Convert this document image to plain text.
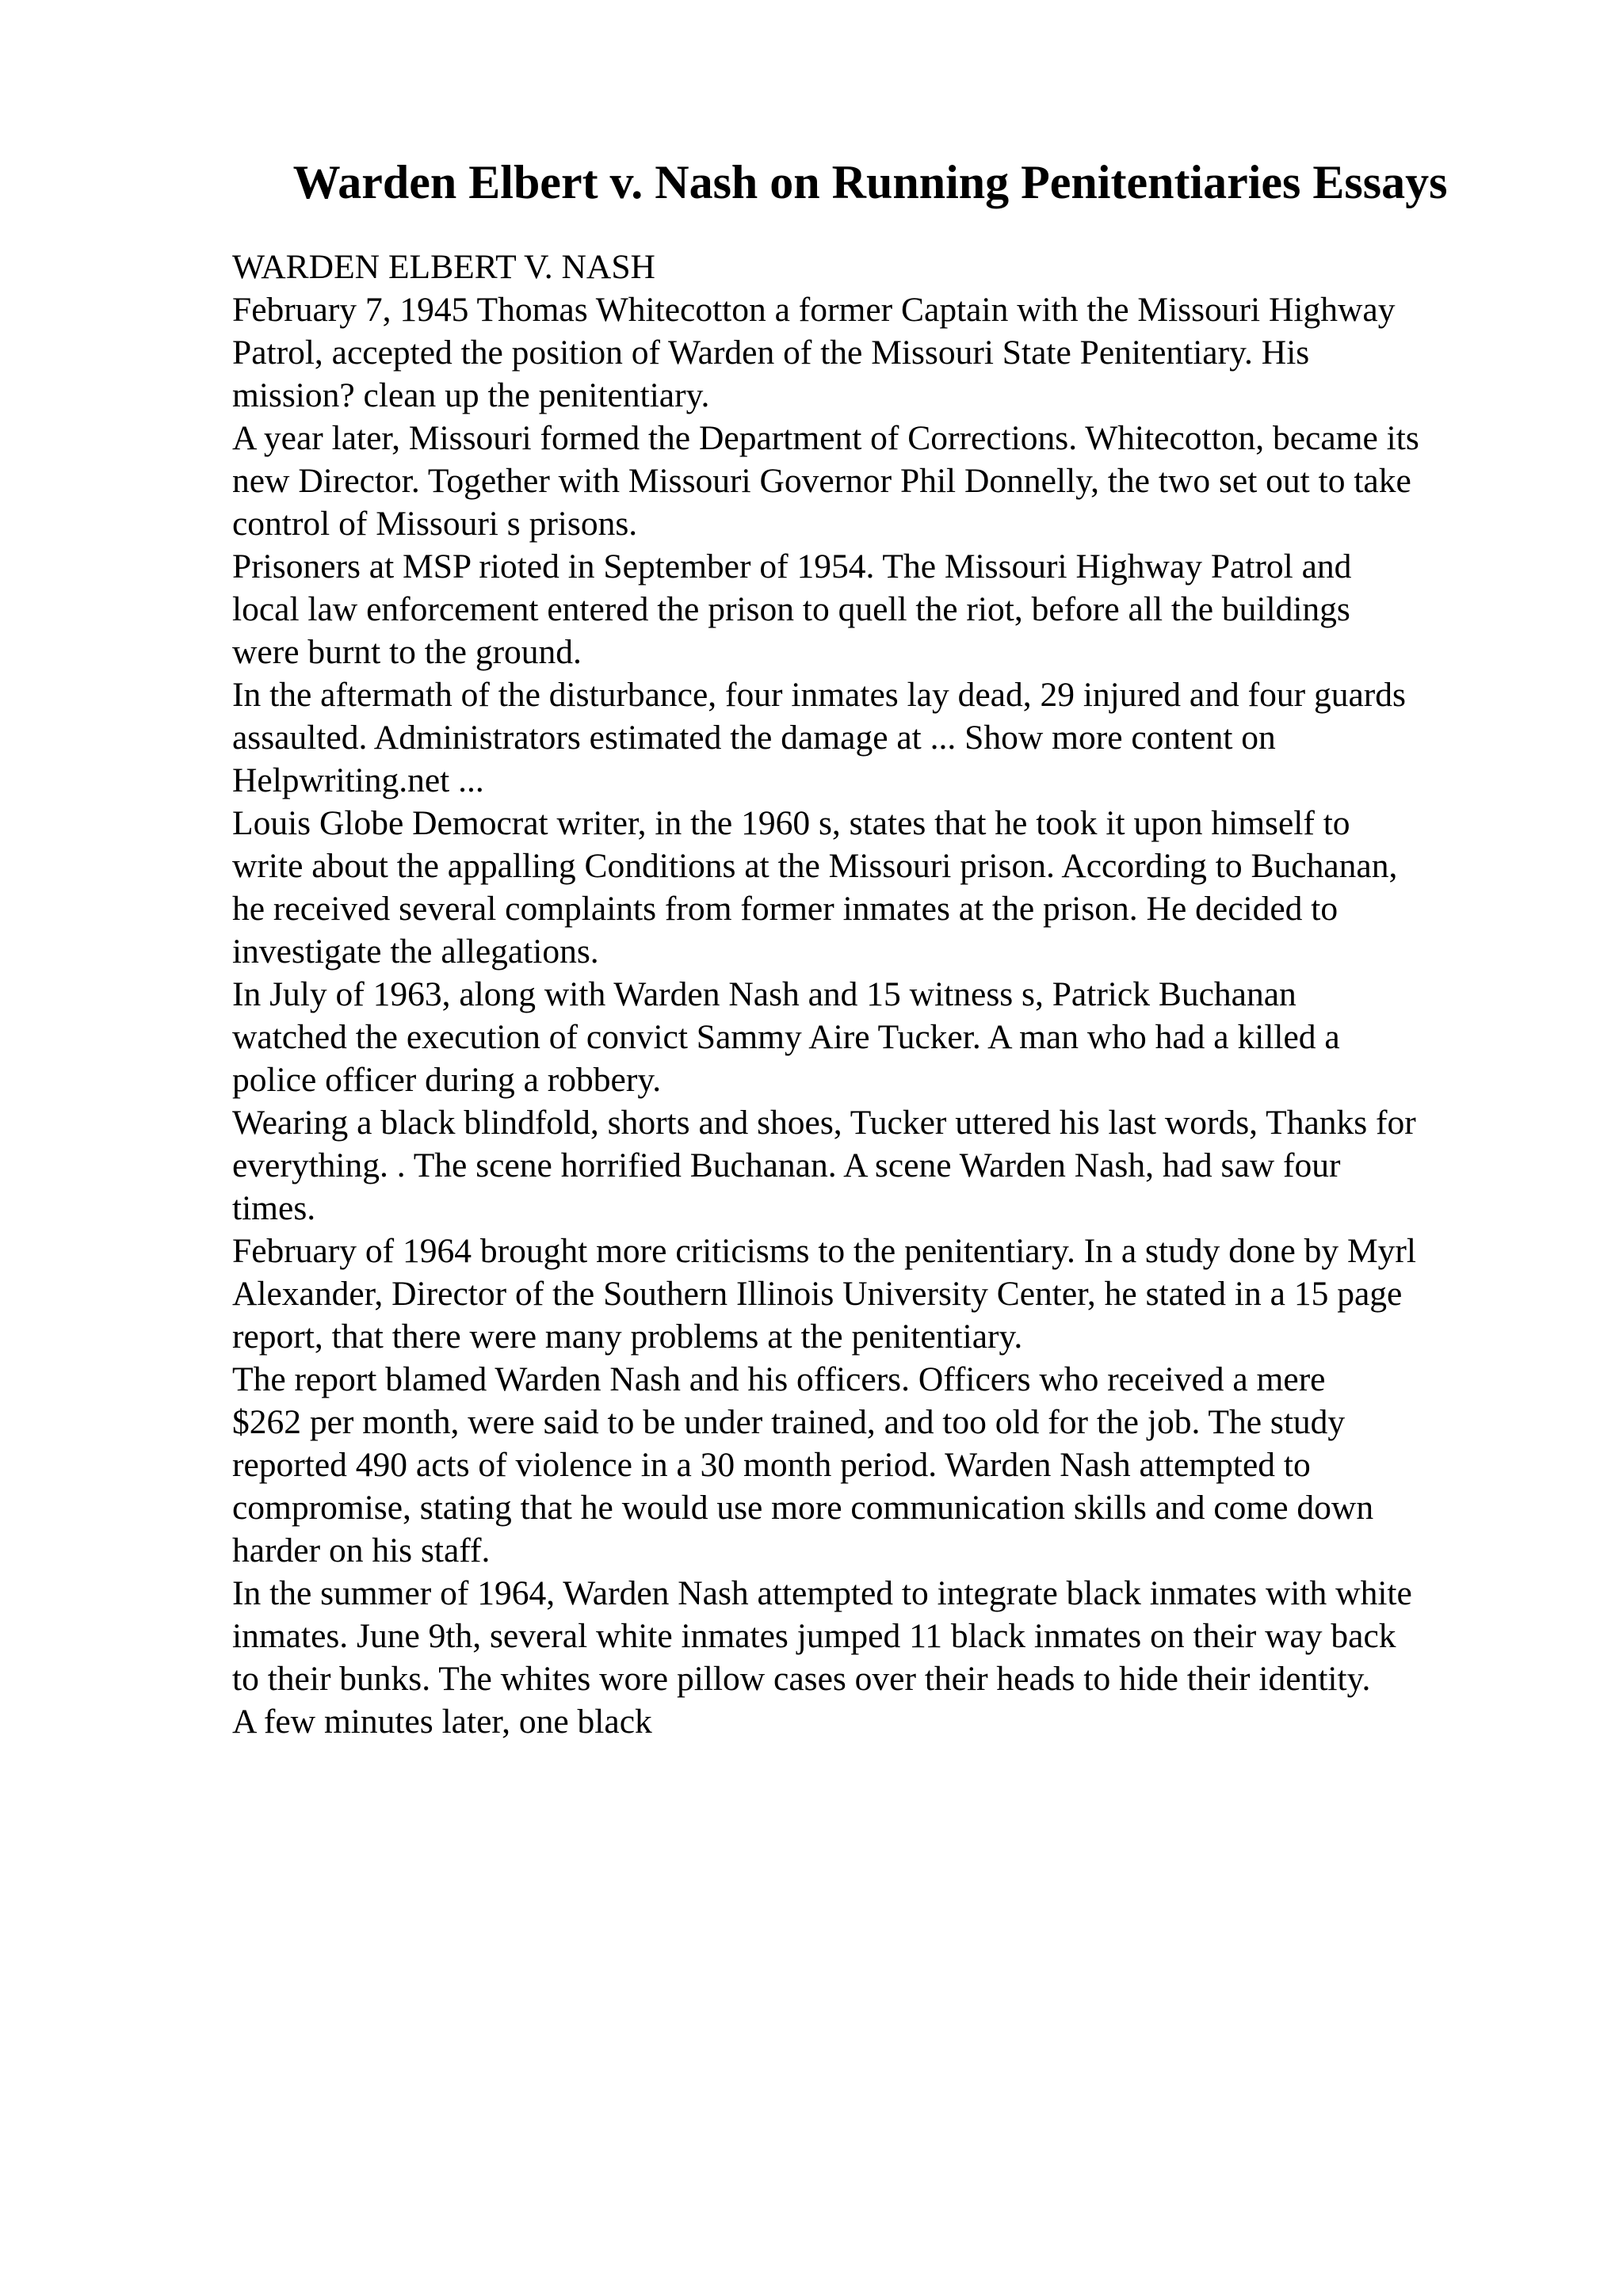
Warden Elbert v. Nash on Running Penitentiaries Essays
WARDEN ELBERT V. NASH
February 7, 1945 Thomas Whitecotton a former Captain with the Missouri Highway
Patrol, accepted the position of Warden of the Missouri State Penitentiary. His
mission? clean up the penitentiary.
A year later, Missouri formed the Department of Corrections. Whitecotton, became its
new Director. Together with Missouri Governor Phil Donnelly, the two set out to take
control of Missouri s prisons.
Prisoners at MSP rioted in September of 1954. The Missouri Highway Patrol and
local law enforcement entered the prison to quell the riot, before all the buildings
were burnt to the ground.
In the aftermath of the disturbance, four inmates lay dead, 29 injured and four guards
assaulted. Administrators estimated the damage at ... Show more content on
Helpwriting.net ...
Louis Globe Democrat writer, in the 1960 s, states that he took it upon himself to
write about the appalling Conditions at the Missouri prison. According to Buchanan,
he received several complaints from former inmates at the prison. He decided to
investigate the allegations.
In July of 1963, along with Warden Nash and 15 witness s, Patrick Buchanan
watched the execution of convict Sammy Aire Tucker. A man who had a killed a
police officer during a robbery.
Wearing a black blindfold, shorts and shoes, Tucker uttered his last words, Thanks for
everything. . The scene horrified Buchanan. A scene Warden Nash, had saw four
times.
February of 1964 brought more criticisms to the penitentiary. In a study done by Myrl
Alexander, Director of the Southern Illinois University Center, he stated in a 15 page
report, that there were many problems at the penitentiary.
The report blamed Warden Nash and his officers. Officers who received a mere
$262 per month, were said to be under trained, and too old for the job. The study
reported 490 acts of violence in a 30 month period. Warden Nash attempted to
compromise, stating that he would use more communication skills and come down
harder on his staff.
In the summer of 1964, Warden Nash attempted to integrate black inmates with white
inmates. June 9th, several white inmates jumped 11 black inmates on their way back
to their bunks. The whites wore pillow cases over their heads to hide their identity.
A few minutes later, one black
